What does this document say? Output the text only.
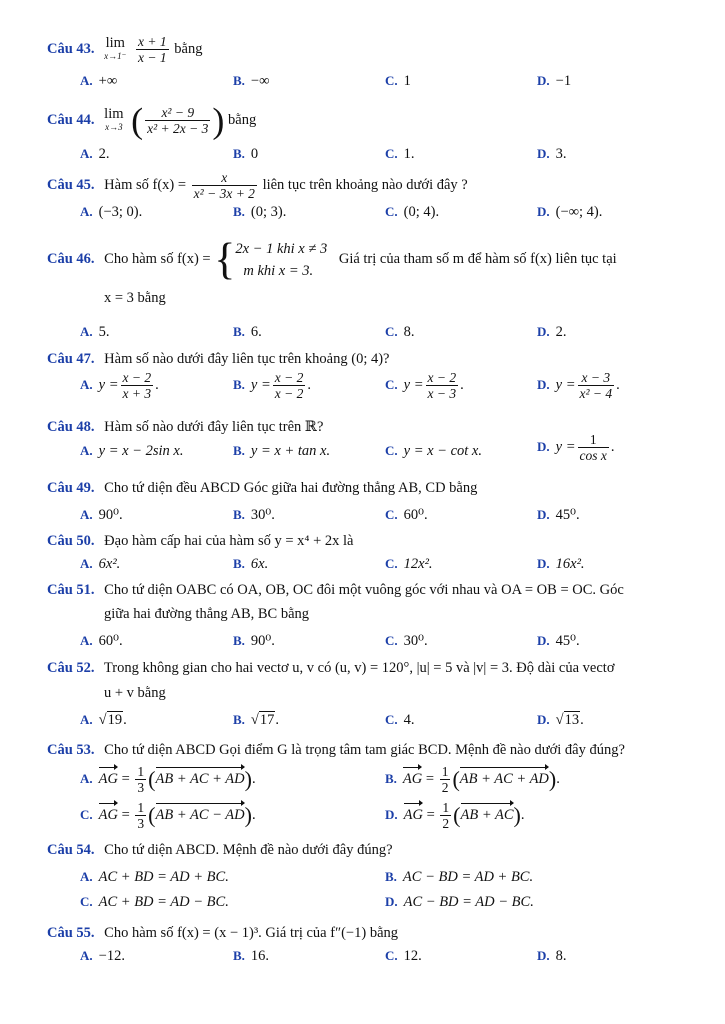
Câu 43. lim
x→1⁻
$\frac{x + 1}{x - 1}$ bằng
A. +∞	B. −∞	C. 1	D. −1
Câu 44. lim
x→3 ( $\frac{\text{x² − 9}}{\text{x² + 2x − 3}}$ ) bằng
A. 2.	B. 0	C. 1.	D. 3.
Câu 45. Hàm số $f(x) = \frac{x}{\text{x² − 3x + 2}}$ liên tục trên khoảng nào dưới đây ?
A. (−3; 0).	B. (0; 3).	C. (0; 4).	D. (−∞; 4).
Câu 46. Cho hàm số f(x) = { 2x − 1 khi x ≠ 3
m khi x = 3.
Giá trị của tham số m để hàm số f(x) liên tục tại
x = 3 bằng
A. 5.	B. 6.	C. 8.	D. 2.
Câu 47. Hàm số nào dưới đây liên tục trên khoảng (0; 4)?
A. $y = \frac{x - 2}{x + 3}$ .	B. $y = \frac{x - 2}{x - 2}$ .	C. $y = \frac{x - 2}{x - 3}$ .	D. $y = \frac{x - 3}{\text{x² − 4}}$ .
Câu 48. Hàm số nào dưới đây liên tục trên ℝ?
A. y = x − 2sin x.	B. y = x + tan x.	C. y = x − cot x.	D. $y = \frac{1}{\text{cos x}}$ .
Câu 49. Cho tứ diện đều ABCD Góc giữa hai đường thẳng AB, CD bằng
A. 90⁰.	B. 30⁰.	C. 60⁰.	D. 45⁰.
Câu 50. Đạo hàm cấp hai của hàm số y = x⁴ + 2x là
A. 6x².	B. 6x.	C. 12x².	D. 16x².
Câu 51. Cho tứ diện OABC có OA, OB, OC đôi một vuông góc với nhau và OA = OB = OC. Góc
giữa hai đường thẳng AB, BC bằng
A. 60⁰.	B. 90⁰.	C. 30⁰.	D. 45⁰.
Câu 52. Trong không gian cho hai vectơ u, v có (u, v) = 120°, |u| = 5 và |v| = 3. Độ dài của vectơ
u + v bằng
A. √19.	B. √17.	C. 4.	D. √13.
Câu 53. Cho tứ diện ABCD Gọi điểm G là trọng tâm tam giác BCD. Mệnh đề nào dưới đây đúng?
A. AG = $\frac{1}{3} (AB$ + AC + AD).	B. AG = $\frac{1}{2} (AB$ + AC + AD).
C. AG = $\frac{1}{3} (AB$ + AC − AD).	D. AG = $\frac{1}{2} (AB + AC)$.
Câu 54. Cho tứ diện ABCD. Mệnh đề nào dưới đây đúng?
A. AC + BD = AD + BC.	B. AC − BD = AD + BC.
C. AC + BD = AD − BC.	D. AC − BD = AD − BC.
Câu 55. Cho hàm số f(x) = (x − 1)³. Giá trị của f″(−1) bằng
A. −12.	B. 16.	C. 12.	D. 8.
